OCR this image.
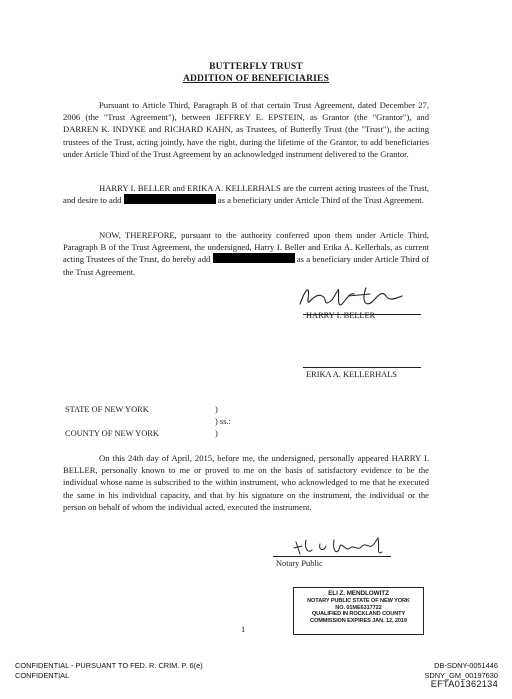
BUTTERFLY TRUST
ADDITION OF BENEFICIARIES
Pursuant to Article Third, Paragraph B of that certain Trust Agreement, dated December 27, 2006 (the "Trust Agreement"), between JEFFREY E. EPSTEIN, as Grantor (the "Grantor"), and DARREN K. INDYKE and RICHARD KAHN, as Trustees, of Butterfly Trust (the "Trust"), the acting trustees of the Trust, acting jointly, have the right, during the lifetime of the Grantor, to add beneficiaries under Article Third of the Trust Agreement by an acknowledged instrument delivered to the Grantor.
HARRY I. BELLER and ERIKA A. KELLERHALS are the current acting trustees of the Trust, and desire to add	as a beneficiary under Article Third of the Trust Agreement.
NOW, THEREFORE, pursuant to the authority conferred upon them under Article Third, Paragraph B of the Trust Agreement, the undersigned, Harry I. Beller and Erika A. Kellerhals, as current acting Trustees of the Trust, do hereby add	as a beneficiary under Article Third of the Trust Agreement.
HARRY I. BELLER
ERIKA A. KELLERHALS
STATE OF NEW YORK	)
) ss.:
COUNTY OF NEW YORK	)
On this 24th day of April, 2015, before me, the undersigned, personally appeared HARRY I. BELLER, personally known to me or proved to me on the basis of satisfactory evidence to be the individual whose name is subscribed to the within instrument, who acknowledged to me that he executed the same in his individual capacity, and that by his signature on the instrument, the individual or the person on behalf of whom the individual acted, executed the instrument.
Notary Public
ELI Z. MENDLOWITZ
NOTARY PUBLIC STATE OF NEW YORK
NO. 01ME6317722
QUALIFIED IN ROCKLAND COUNTY
COMMISSION EXPIRES JAN. 12, 2019
1
CONFIDENTIAL - PURSUANT TO FED. R. CRIM. P. 6(e)
CONFIDENTIAL
DB-SDNY-0051446
SDNY_GM_00197630
EFTA01362134
